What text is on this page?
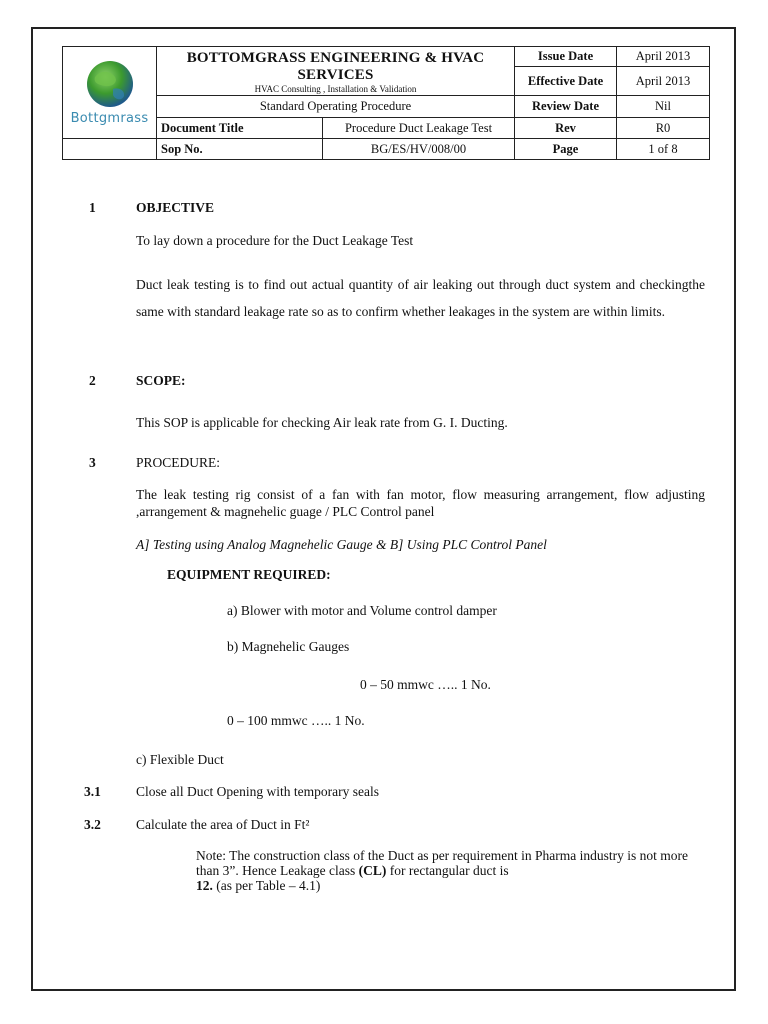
Bottgmrass	BOTTOMGRASS ENGINEERING & HVAC SERVICES
HVAC Consulting , Installation & Validation		Issue Date	April 2013
			Effective Date	April 2013

	Standard Operating Procedure		Review Date	Nil
	Document Title	Procedure Duct Leakage Test	Rev	R0
	Sop No.	BG/ES/HV/008/00	Page	1 of 8
1	OBJECTIVE
To lay down a procedure for the Duct Leakage Test
Duct leak testing is to find out actual quantity of air leaking out through duct system and checkingthe same with standard leakage rate so as to confirm whether leakages in the system are within limits.
2	SCOPE:
This SOP is applicable for checking Air leak rate from G. I. Ducting.
3	PROCEDURE:
The leak testing rig consist of a fan with fan motor, flow measuring arrangement, flow adjusting ,arrangement & magnehelic guage / PLC Control panel
A] Testing using Analog Magnehelic Gauge & B] Using PLC Control Panel
EQUIPMENT REQUIRED:
a) Blower with motor and Volume control damper
b) Magnehelic Gauges
0 – 50 mmwc ….. 1 No.
0 – 100 mmwc ….. 1 No.
c) Flexible Duct
3.1	Close all Duct Opening with temporary seals
3.2	Calculate the area of Duct in Ft²
Note: The construction class of the Duct as per requirement in Pharma industry is not more than 3”. Hence Leakage class (CL) for rectangular duct is
12. (as per Table – 4.1)
